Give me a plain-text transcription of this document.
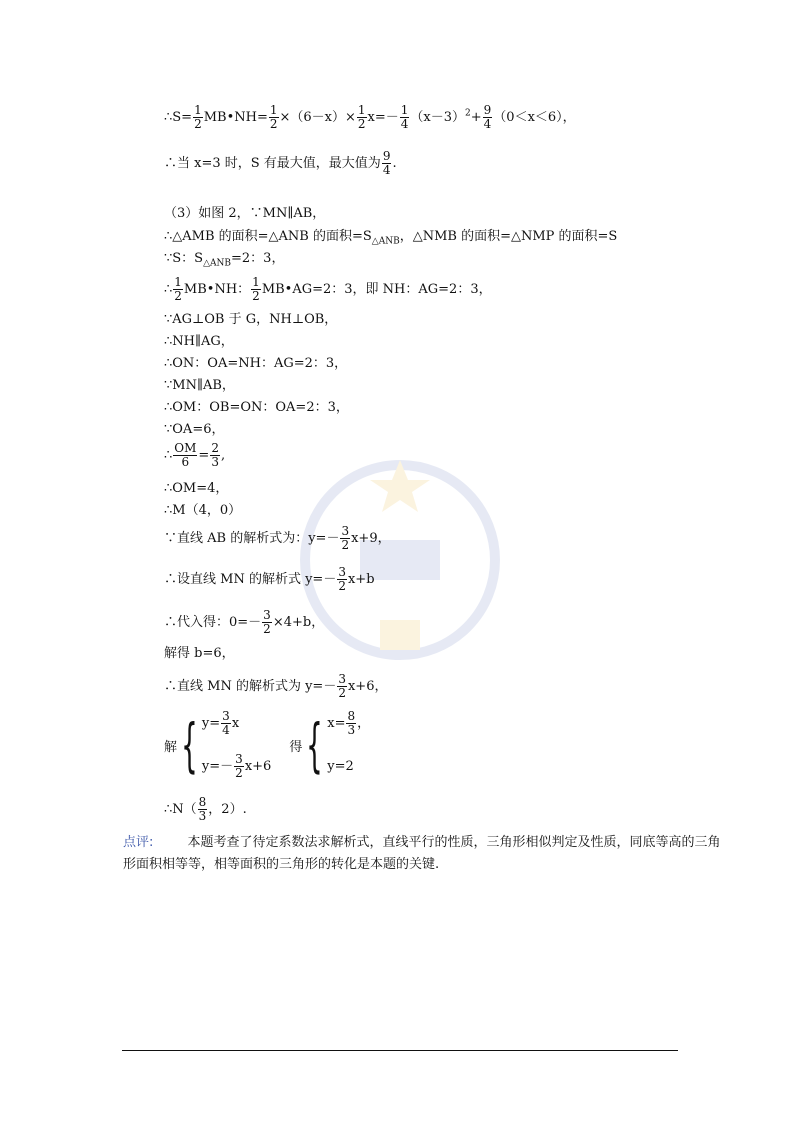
∴S= $\frac{1}{2}$ MB•NH= $\frac{1}{2} \times(6-x)\times \frac{1}{2} x=- \frac{1}{4} (x-3)^2+ \frac{9}{4} (0<x<6)$，
∴当 x=3 时，S 有最大值，最大值为 $\frac{9}{4}$ .
（3）如图 2，∵MN∥AB，
∴△AMB 的面积=△ANB 的面积$=S_{\triangle ANB}$，△NMB 的面积=△NMP 的面积=S
∵S：$S_{\triangle ANB}=2$：3，
∴ $\frac{1}{2}$ MB•NH： $\frac{1}{2}$ MB•AG=2：3，即 NH：AG=2：3，
∵AG⊥OB 于 G，NH⊥OB，
∴NH∥AG，
∴ON：OA=NH：AG=2：3，
∵MN∥AB，
∴OM：OB=ON：OA=2：3，
∵OA=6，
∴ $\frac{OM}{6} = \frac{2}{3}$ ,
∴OM=4，
∴M（4，0）
∵直线 AB 的解析式为：$y=- \frac{3}{2} x+9$，
∴设直线 MN 的解析式 $y=- \frac{3}{2} x+b$
∴代入得：$0=- \frac{3}{2} \times 4+b$，
解得 b=6，
∴直线 MN 的解析式为 $y=- \frac{3}{2} x+6$，
解 { $y= \frac{3}{4}$ x
$y=- \frac{3}{2} x+6$
得 { $x= \frac{8}{3}$ ，
y=2
∴N（ $\frac{8}{3}$ ，2）.
点评:	本题考查了待定系数法求解析式，直线平行的性质，三角形相似判定及性质，同底等高的三角形面积相等等，相等面积的三角形的转化是本题的关键.
